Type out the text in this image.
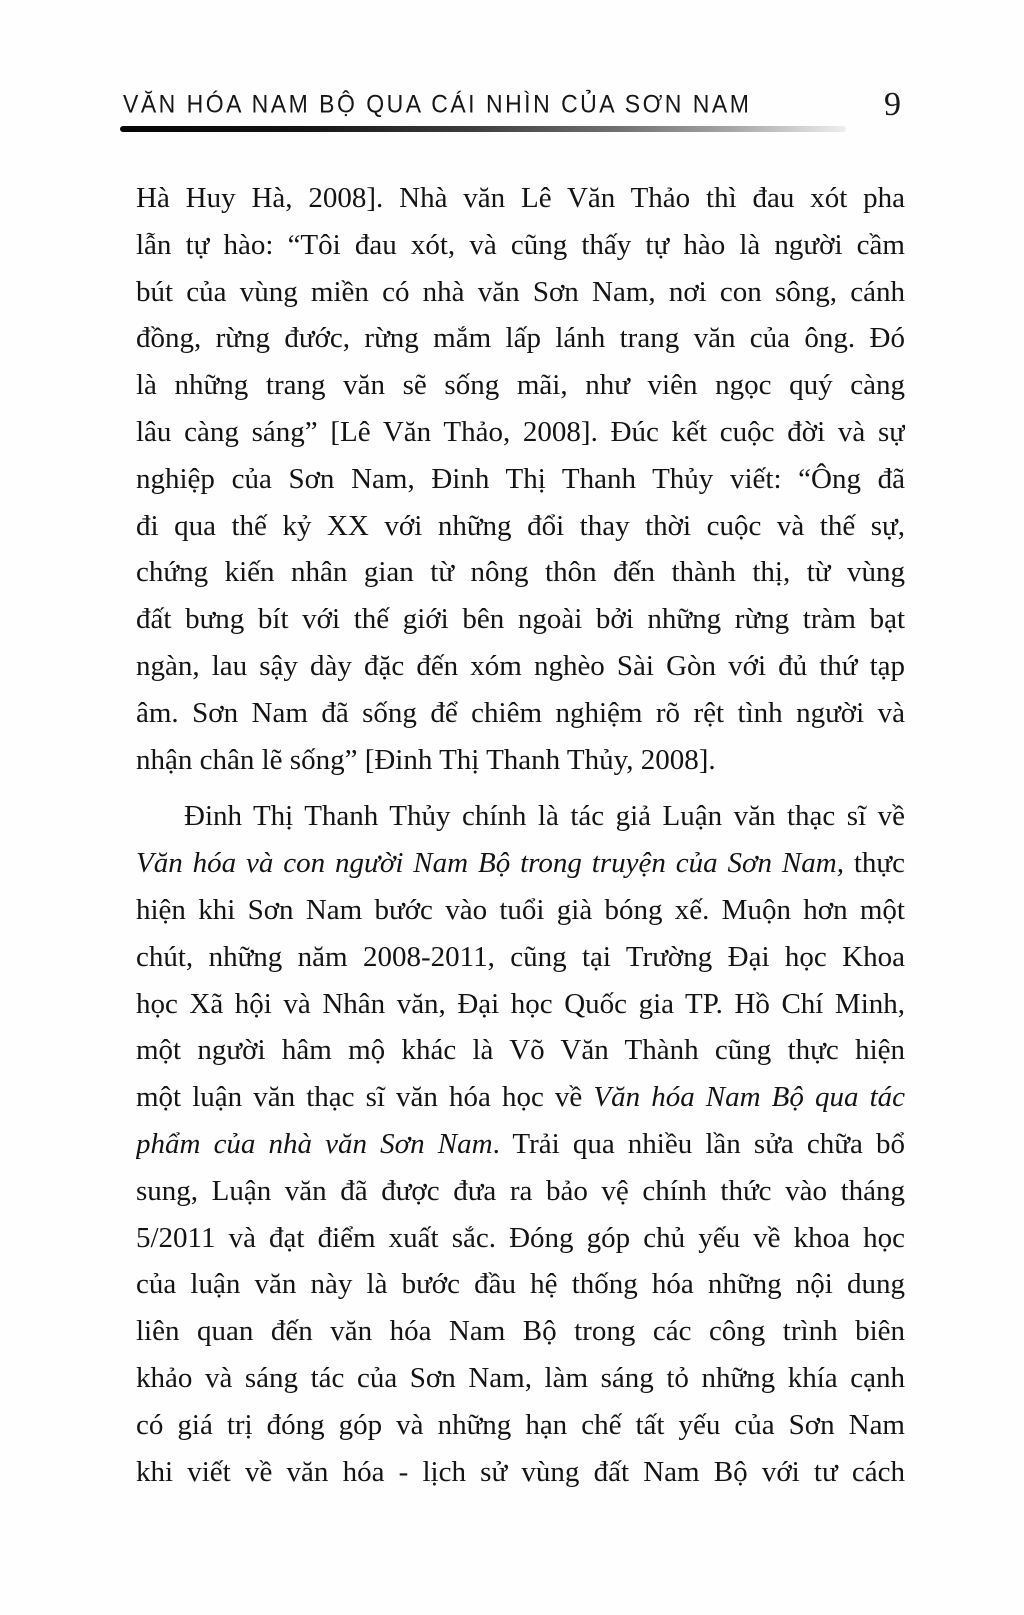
VĂN HÓA NAM BỘ QUA CÁI NHÌN CỦA SƠN NAM	9
Hà Huy Hà, 2008]. Nhà văn Lê Văn Thảo thì đau xót pha
lẫn tự hào: “Tôi đau xót, và cũng thấy tự hào là người cầm
bút của vùng miền có nhà văn Sơn Nam, nơi con sông, cánh
đồng, rừng đước, rừng mắm lấp lánh trang văn của ông. Đó
là những trang văn sẽ sống mãi, như viên ngọc quý càng
lâu càng sáng” [Lê Văn Thảo, 2008]. Đúc kết cuộc đời và sự
nghiệp của Sơn Nam, Đinh Thị Thanh Thủy viết: “Ông đã
đi qua thế kỷ XX với những đổi thay thời cuộc và thế sự,
chứng kiến nhân gian từ nông thôn đến thành thị, từ vùng
đất bưng bít với thế giới bên ngoài bởi những rừng tràm bạt
ngàn, lau sậy dày đặc đến xóm nghèo Sài Gòn với đủ thứ tạp
âm. Sơn Nam đã sống để chiêm nghiệm rõ rệt tình người và
nhận chân lẽ sống” [Đinh Thị Thanh Thủy, 2008].
Đinh Thị Thanh Thủy chính là tác giả Luận văn thạc sĩ về
Văn hóa và con người Nam Bộ trong truyện của Sơn Nam, thực
hiện khi Sơn Nam bước vào tuổi già bóng xế. Muộn hơn một
chút, những năm 2008-2011, cũng tại Trường Đại học Khoa
học Xã hội và Nhân văn, Đại học Quốc gia TP. Hồ Chí Minh,
một người hâm mộ khác là Võ Văn Thành cũng thực hiện
một luận văn thạc sĩ văn hóa học về Văn hóa Nam Bộ qua tác
phẩm của nhà văn Sơn Nam. Trải qua nhiều lần sửa chữa bổ
sung, Luận văn đã được đưa ra bảo vệ chính thức vào tháng
5/2011 và đạt điểm xuất sắc. Đóng góp chủ yếu về khoa học
của luận văn này là bước đầu hệ thống hóa những nội dung
liên quan đến văn hóa Nam Bộ trong các công trình biên
khảo và sáng tác của Sơn Nam, làm sáng tỏ những khía cạnh
có giá trị đóng góp và những hạn chế tất yếu của Sơn Nam
khi viết về văn hóa - lịch sử vùng đất Nam Bộ với tư cách
